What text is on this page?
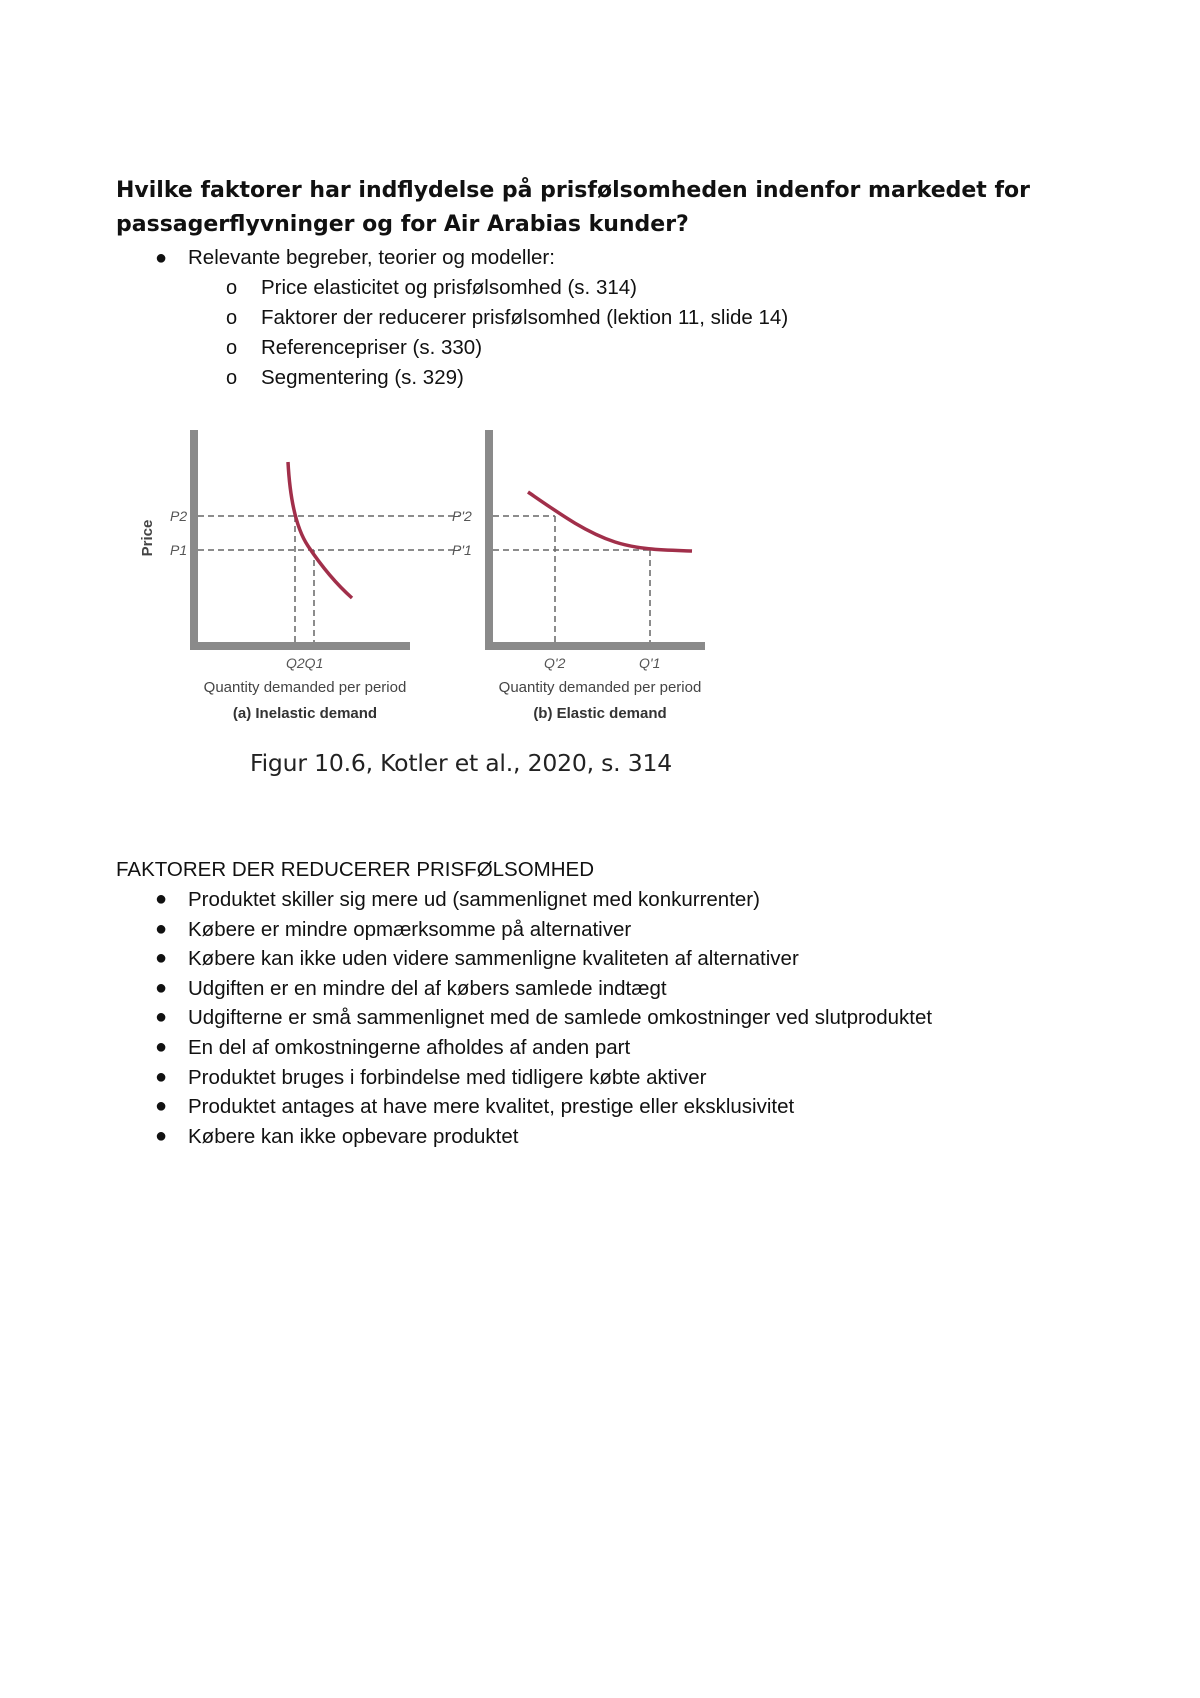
Hvilke faktorer har indflydelse på prisfølsomheden indenfor markedet for passagerflyvninger og for Air Arabias kunder?
● Relevante begreber, teorier og modeller:
o Price elasticitet og prisfølsomhed (s. 314)
o Faktorer der reducerer prisfølsomhed (lektion 11, slide 14)
o Referencepriser (s. 330)
o Segmentering (s. 329)
Price
P2
P1
Q2Q1
Quantity demanded per period
(a) Inelastic demand
P'2
P'1
Q'2	Q'1
Quantity demanded per period
(b) Elastic demand
Figur 10.6, Kotler et al., 2020, s. 314
FAKTORER DER REDUCERER PRISFØLSOMHED
● Produktet skiller sig mere ud (sammenlignet med konkurrenter)
● Købere er mindre opmærksomme på alternativer
● Købere kan ikke uden videre sammenligne kvaliteten af alternativer
● Udgiften er en mindre del af købers samlede indtægt
● Udgifterne er små sammenlignet med de samlede omkostninger ved slutproduktet
● En del af omkostningerne afholdes af anden part
● Produktet bruges i forbindelse med tidligere købte aktiver
● Produktet antages at have mere kvalitet, prestige eller eksklusivitet
● Købere kan ikke opbevare produktet
